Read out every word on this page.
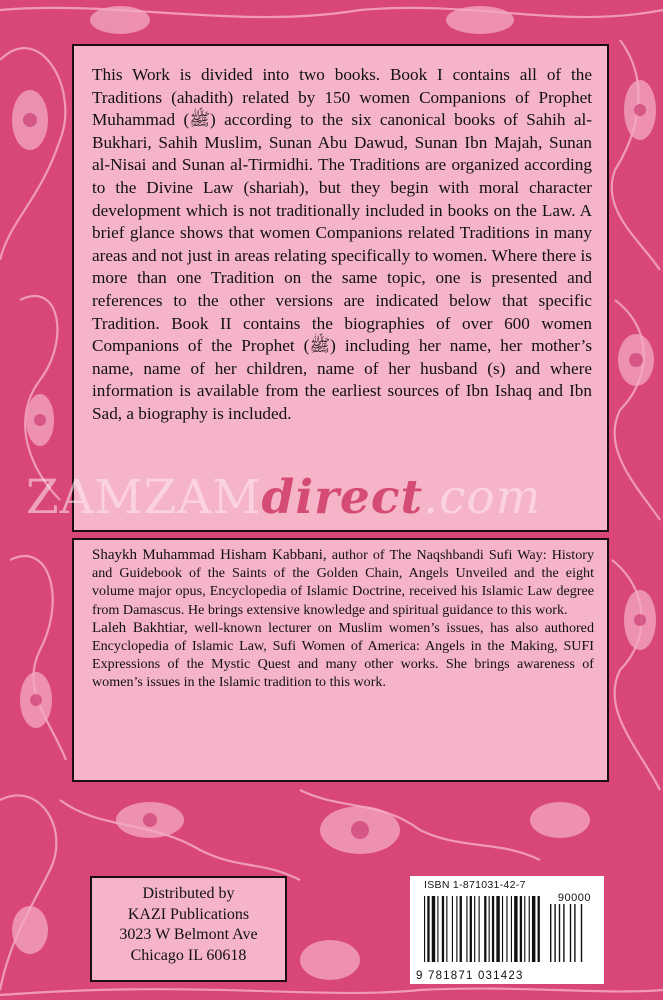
This Work is divided into two books. Book I contains all of the Traditions (ahadith) related by 150 women Companions of Prophet Muhammad (ﷺ) according to the six canonical books of Sahih al-Bukhari, Sahih Muslim, Sunan Abu Dawud, Sunan Ibn Majah, Sunan al-Nisai and Sunan al-Tirmidhi. The Traditions are organized according to the Divine Law (shariah), but they begin with moral character development which is not traditionally included in books on the Law. A brief glance shows that women Companions related Traditions in many areas and not just in areas relating specifically to women. Where there is more than one Tradition on the same topic, one is presented and references to the other versions are indicated below that specific Tradition. Book II contains the biographies of over 600 women Companions of the Prophet (ﷺ) including her name, her mother’s name, name of her children, name of her husband (s) and where information is available from the earliest sources of Ibn Ishaq and Ibn Sad, a biography is included.

ZAMZAMdirect.com

Shaykh Muhammad Hisham Kabbani, author of The Naqshbandi Sufi Way: History and Guidebook of the Saints of the Golden Chain, Angels Unveiled and the eight volume major opus, Encyclopedia of Islamic Doctrine, received his Islamic Law degree from Damascus. He brings extensive knowledge and spiritual guidance to this work.

Laleh Bakhtiar, well-known lecturer on Muslim women’s issues, has also authored Encyclopedia of Islamic Law, Sufi Women of America: Angels in the Making, SUFI Expressions of the Mystic Quest and many other works. She brings awareness of women’s issues in the Islamic tradition to this work.

Distributed by
KAZI Publications
3023 W Belmont Ave
Chicago IL 60618
ISBN 1-871031-42-7
90000
9 781871 031423
